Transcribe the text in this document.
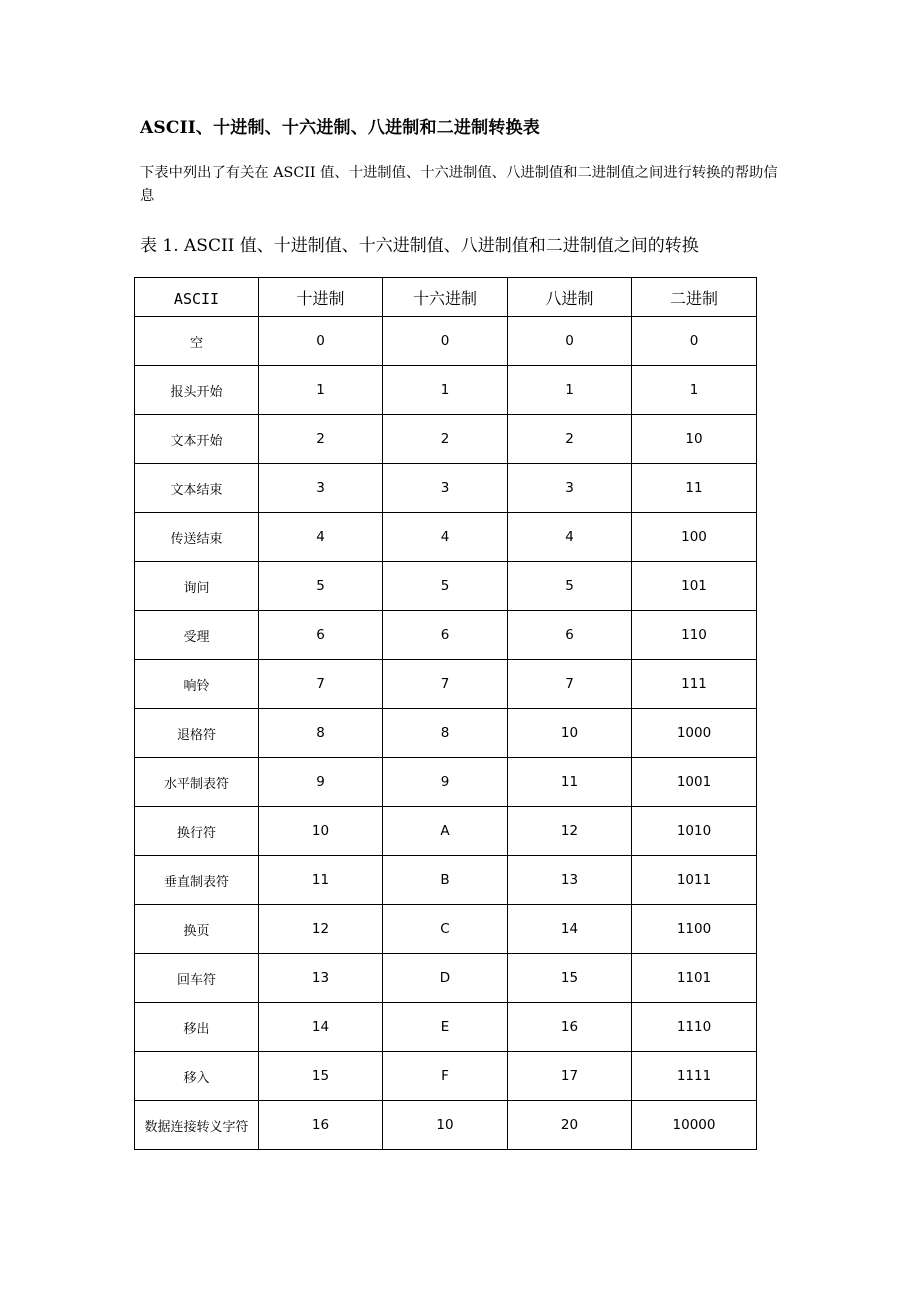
ASCII、十进制、十六进制、八进制和二进制转换表
下表中列出了有关在 ASCII 值、十进制值、十六进制值、八进制值和二进制值之间进行转换的帮助信息
表 1. ASCII 值、十进制值、十六进制值、八进制值和二进制值之间的转换
ASCII	十进制	十六进制	八进制	二进制
空	0	0	0	0
报头开始	1	1	1	1
文本开始	2	2	2	10
文本结束	3	3	3	11
传送结束	4	4	4	100
询问	5	5	5	101
受理	6	6	6	110
响铃	7	7	7	111
退格符	8	8	10	1000
水平制表符	9	9	11	1001
换行符	10	A	12	1010
垂直制表符	11	B	13	1011
换页	12	C	14	1100
回车符	13	D	15	1101
移出	14	E	16	1110
移入	15	F	17	1111
数据连接转义字符	16	10	20	10000
